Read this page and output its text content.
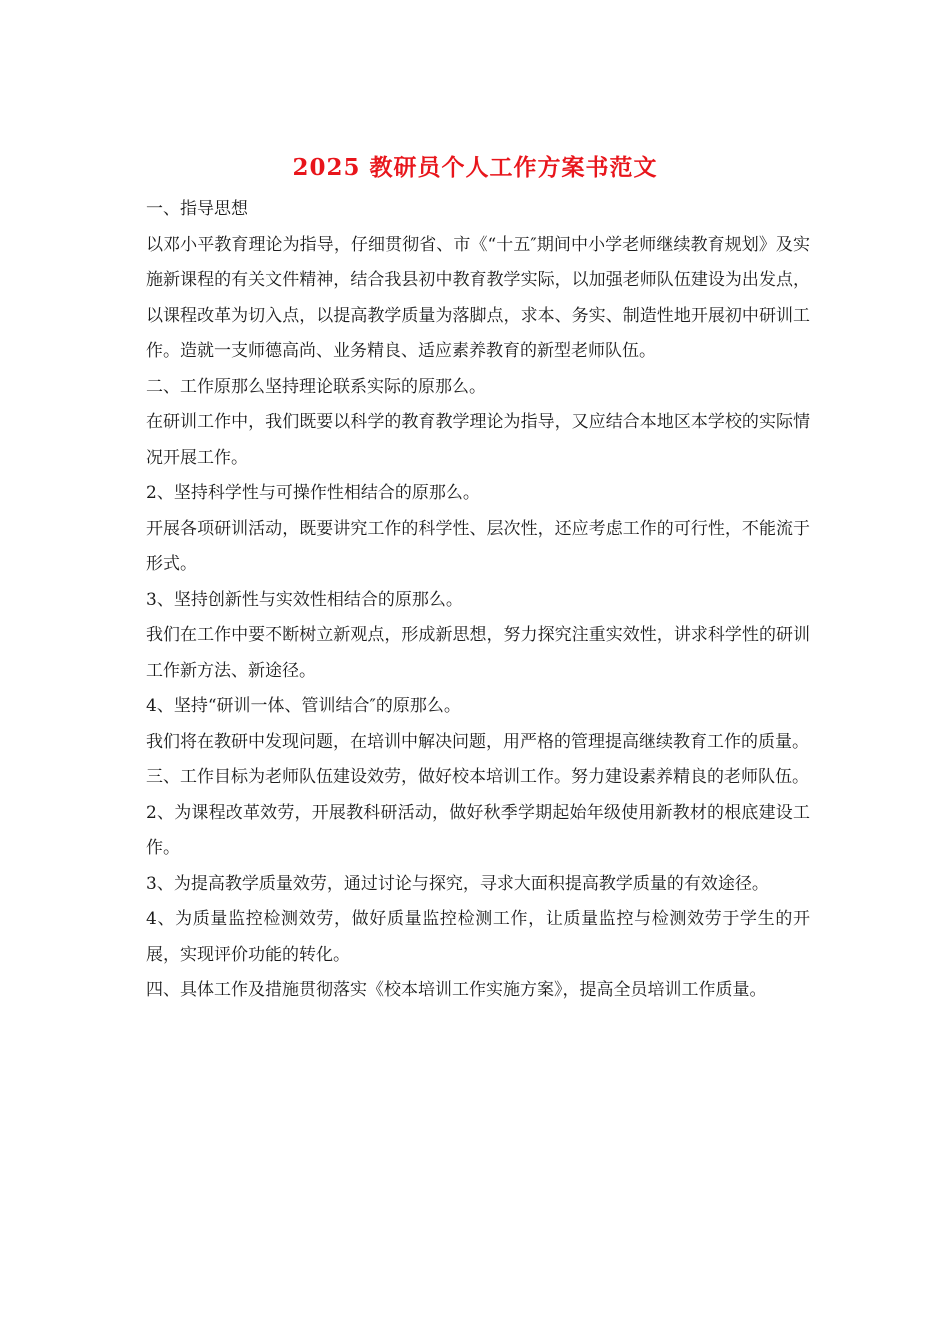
2025 教研员个人工作方案书范文

一、指导思想

以邓小平教育理论为指导，仔细贯彻省、市《“十五″期间中小学老师继续教育规划》及实施新课程的有关文件精神，结合我县初中教育教学实际，以加强老师队伍建设为出发点，以课程改革为切入点，以提高教学质量为落脚点，求本、务实、制造性地开展初中研训工作。造就一支师德高尚、业务精良、适应素养教育的新型老师队伍。

二、工作原那么坚持理论联系实际的原那么。

在研训工作中，我们既要以科学的教育教学理论为指导，又应结合本地区本学校的实际情况开展工作。

2、坚持科学性与可操作性相结合的原那么。

开展各项研训活动，既要讲究工作的科学性、层次性，还应考虑工作的可行性，不能流于形式。

3、坚持创新性与实效性相结合的原那么。

我们在工作中要不断树立新观点，形成新思想，努力探究注重实效性，讲求科学性的研训工作新方法、新途径。

4、坚持“研训一体、管训结合″的原那么。

我们将在教研中发现问题，在培训中解决问题，用严格的管理提高继续教育工作的质量。

三、工作目标为老师队伍建设效劳，做好校本培训工作。努力建设素养精良的老师队伍。

2、为课程改革效劳，开展教科研活动，做好秋季学期起始年级使用新教材的根底建设工作。

3、为提高教学质量效劳，通过讨论与探究，寻求大面积提高教学质量的有效途径。

4、为质量监控检测效劳，做好质量监控检测工作，让质量监控与检测效劳于学生的开展，实现评价功能的转化。

四、具体工作及措施贯彻落实《校本培训工作实施方案》，提高全员培训工作质量。
